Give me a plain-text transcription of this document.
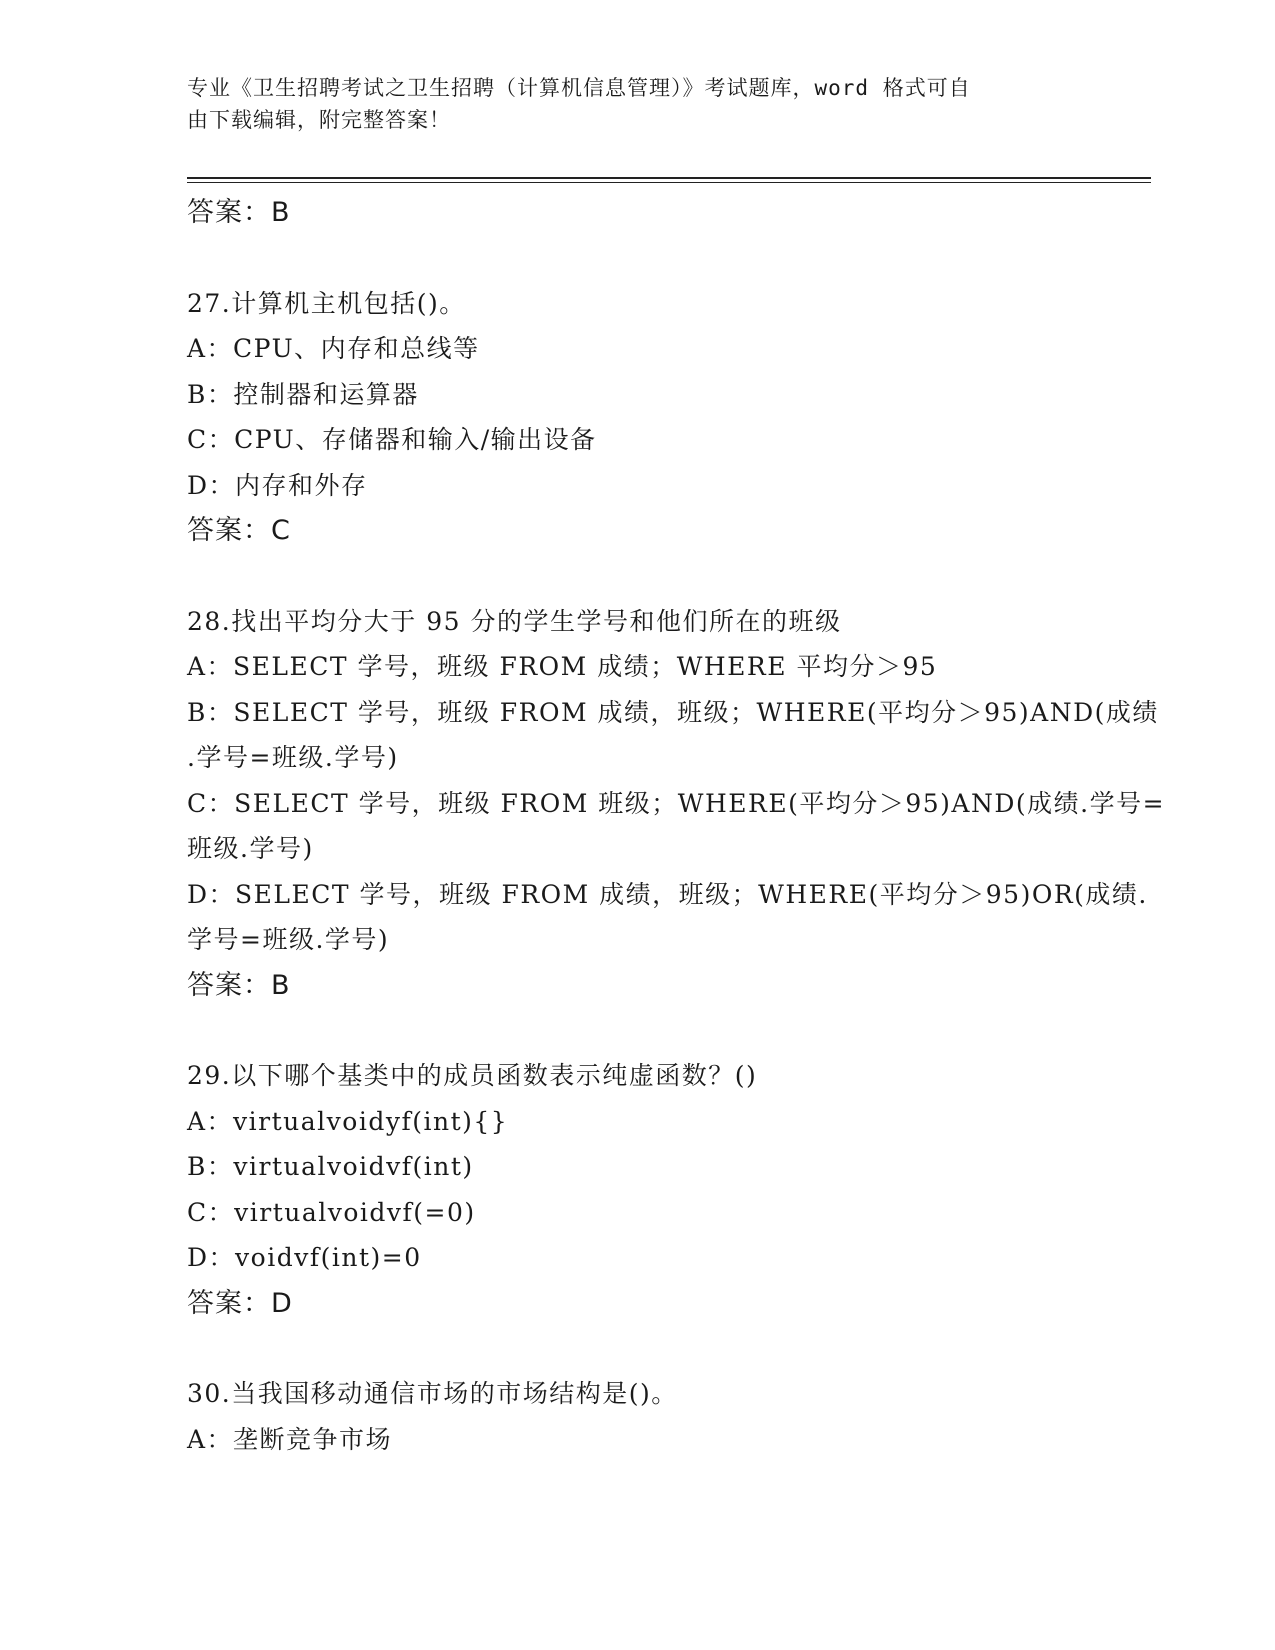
专业《卫生招聘考试之卫生招聘（计算机信息管理）》考试题库，word 格式可自
由下载编辑，附完整答案！
答案：B
27.计算机主机包括()。
A：CPU、内存和总线等
B：控制器和运算器
C：CPU、存储器和输入/输出设备
D：内存和外存
答案：C
28.找出平均分大于 95 分的学生学号和他们所在的班级
A：SELECT 学号，班级 FROM 成绩；WHERE 平均分＞95
B：SELECT 学号，班级 FROM 成绩，班级；WHERE(平均分＞95)AND(成绩
.学号=班级.学号)
C：SELECT 学号，班级 FROM 班级；WHERE(平均分＞95)AND(成绩.学号=
班级.学号)
D：SELECT 学号，班级 FROM 成绩，班级；WHERE(平均分＞95)OR(成绩.
学号=班级.学号)
答案：B
29.以下哪个基类中的成员函数表示纯虚函数？()
A：virtualvoidyf(int){}
B：virtualvoidvf(int)
C：virtualvoidvf(=0)
D：voidvf(int)=0
答案：D
30.当我国移动通信市场的市场结构是()。
A：垄断竞争市场
